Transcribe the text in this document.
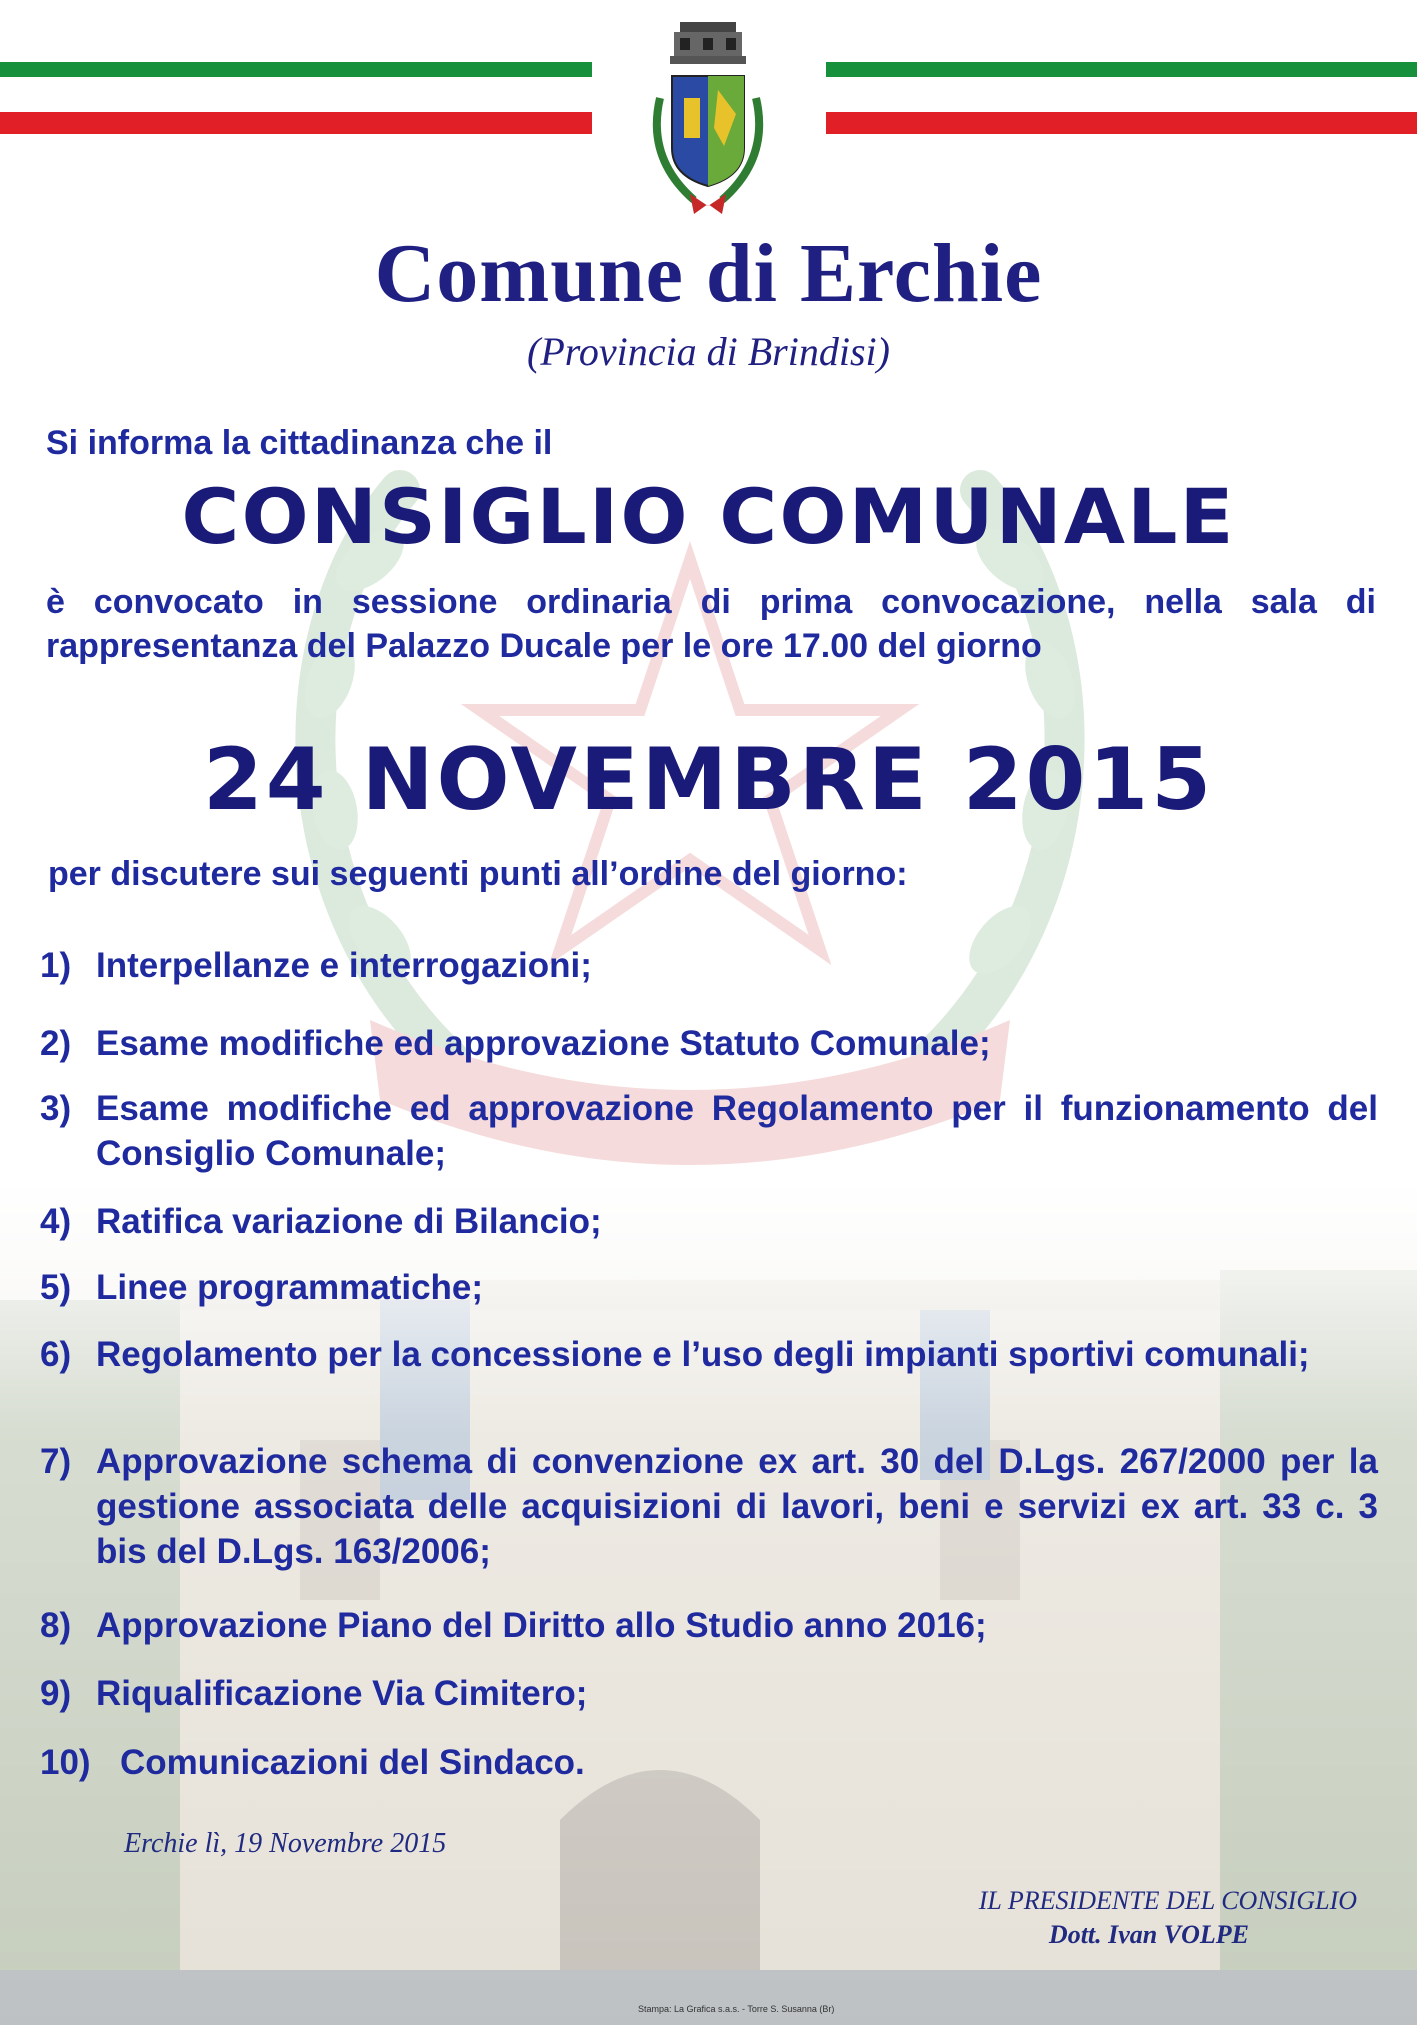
Comune di Erchie
(Provincia di Brindisi)
Si informa la cittadinanza che il
CONSIGLIO COMUNALE
è convocato in sessione ordinaria di prima convocazione, nella sala di rappresentanza del Palazzo Ducale per le ore 17.00 del giorno
24 NOVEMBRE 2015
per discutere sui seguenti punti all’ordine del giorno:
1) Interpellanze e interrogazioni;
2) Esame modifiche ed approvazione Statuto Comunale;
3) Esame modifiche ed approvazione Regolamento per il funzionamento del Consiglio Comunale;
4) Ratifica variazione di Bilancio;
5) Linee programmatiche;
6) Regolamento per la concessione e l’uso degli impianti sportivi comunali;
7) Approvazione schema di convenzione ex art. 30 del D.Lgs. 267/2000 per la gestione associata delle acquisizioni di lavori, beni e servizi ex art. 33 c. 3 bis del D.Lgs. 163/2006;
8) Approvazione Piano del Diritto allo Studio anno 2016;
9) Riqualificazione Via Cimitero;
10) Comunicazioni del Sindaco.
Erchie lì, 19 Novembre 2015
IL PRESIDENTE DEL CONSIGLIO
Dott. Ivan VOLPE
Stampa: La Grafica s.a.s. - Torre S. Susanna (Br)
